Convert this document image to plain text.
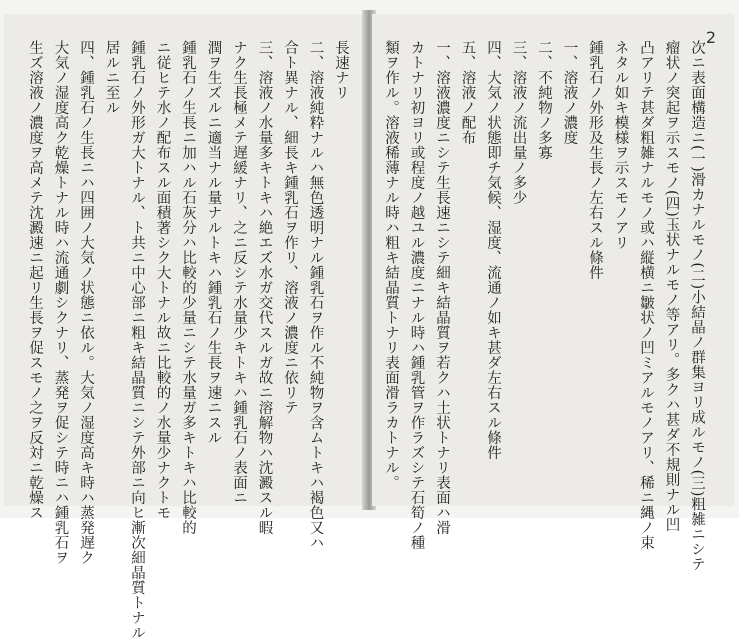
長速ナリ
二、溶液純粋ナルハ無色透明ナル鍾乳石ヲ作ル不純物ヲ含ムトキハ褐色又ハ
合ト異ナル、細長キ鍾乳石ヲ作リ、溶液ノ濃度ニ依リテ
三、溶液ノ水量多キトキハ絶エズ水ガ交代スルガ故ニ溶解物ハ沈澱スル暇
ナク生長極メテ遅緩ナリ、之ニ反シテ水量少キトキハ鍾乳石ノ表面ニ
潤ヲ生ズルニ適当ナル量ナルトキハ鍾乳石ノ生長ヲ速ニスル
鍾乳石ノ生長ニ加ハル石灰分ハ比較的少量ニシテ水量ガ多キトキハ比較的
ニ従ヒテ水ノ配布スル面積著シク大トナル故ニ比較的ノ水量少ナクトモ
鍾乳石ノ外形ガ大トナル、ト共ニ中心部ニ粗キ結晶質ニシテ外部ニ向ヒ漸次細晶質トナル
居ルニ至ル
四、鍾乳石ノ生長ニハ四囲ノ大気ノ状態ニ依ル。大気ノ湿度高キ時ハ蒸発遅ク
大気ノ湿度高ク乾燥トナル時ハ流通劇シクナリ、蒸発ヲ促シテ時ニハ鍾乳石ヲ
生ズ溶液ノ濃度ヲ高メテ沈澱速ニ起リ生長ヲ促スモノ之ヲ反対ニ乾燥ス
2
次ニ表面構造ニ(一)滑カナルモノ(二)小結晶ノ群集ヨリ成ルモノ(三)粗雑ニシテ
瘤状ノ突起ヲ示スモノ(四)玉状ナルモノ等アリ。多クハ甚ダ不規則ナル凹
凸アリテ甚ダ粗雑ナルモノ或ハ縦横ニ皺状ノ凹ミアルモノアリ、稀ニ縄ノ束
ネタル如キ模様ヲ示スモノアリ
鍾乳石ノ外形及生長ノ左右スル條件
一、溶液ノ濃度
二、不純物ノ多寡
三、溶液ノ流出量ノ多少
四、大気ノ状態即チ気候、湿度、流通ノ如キ甚ダ左右スル條件
五、溶液ノ配布
一、溶液濃度ニシテ生長速ニシテ細キ結晶質ヲ若クハ土状トナリ表面ハ滑
カトナリ初ヨリ或程度ノ越ユル濃度ニナル時ハ鍾乳管ヲ作ラズシテ石筍ノ種
類ヲ作ル。溶液稀薄ナル時ハ粗キ結晶質トナリ表面滑ラカトナル。
